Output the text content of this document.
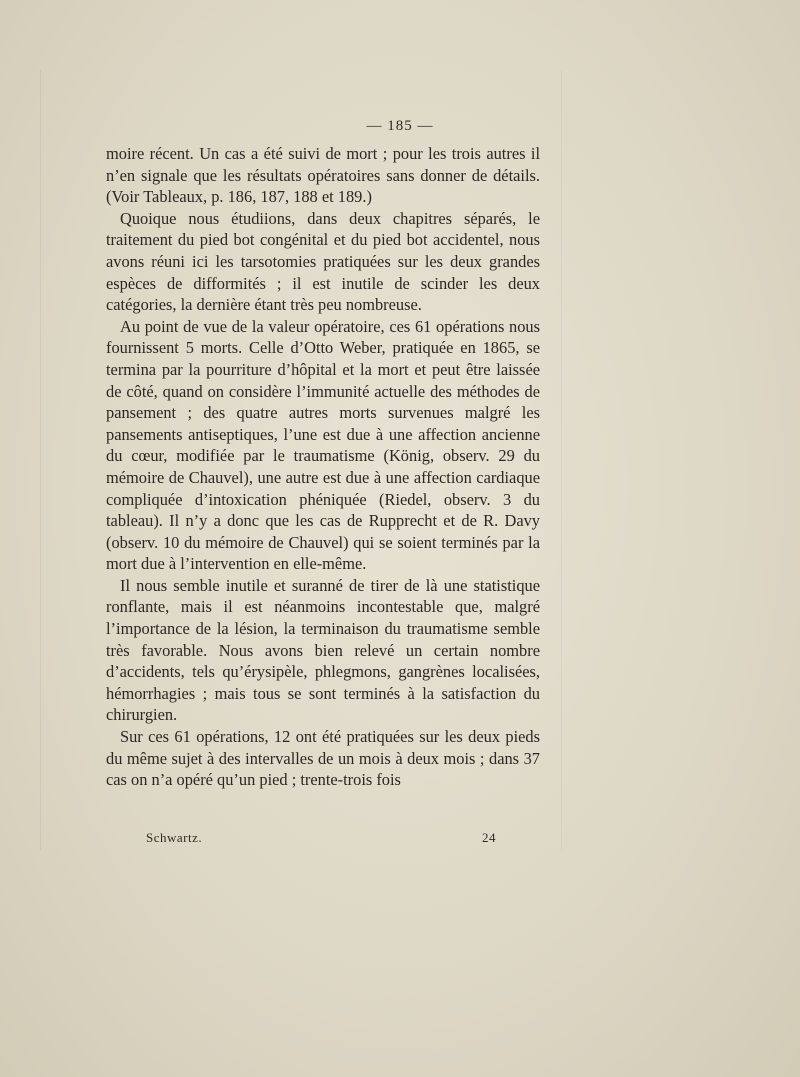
— 185 —

moire récent. Un cas a été suivi de mort ; pour les trois autres il n’en signale que les résultats opératoires sans donner de détails. (Voir Tableaux, p. 186, 187, 188 et 189.)

Quoique nous étudiions, dans deux chapitres séparés, le traitement du pied bot congénital et du pied bot accidentel, nous avons réuni ici les tarsotomies pratiquées sur les deux grandes espèces de difformités ; il est inutile de scinder les deux catégories, la dernière étant très peu nombreuse.

Au point de vue de la valeur opératoire, ces 61 opérations nous fournissent 5 morts. Celle d’Otto Weber, pratiquée en 1865, se termina par la pourriture d’hôpital et la mort et peut être laissée de côté, quand on considère l’immunité actuelle des méthodes de pansement ; des quatre autres morts survenues malgré les pansements antiseptiques, l’une est due à une affection ancienne du cœur, modifiée par le traumatisme (König, observ. 29 du mémoire de Chauvel), une autre est due à une affection cardiaque compliquée d’intoxication phéniquée (Riedel, observ. 3 du tableau). Il n’y a donc que les cas de Rupprecht et de R. Davy (observ. 10 du mémoire de Chauvel) qui se soient terminés par la mort due à l’intervention en elle-même.

Il nous semble inutile et suranné de tirer de là une statistique ronflante, mais il est néanmoins incontestable que, malgré l’importance de la lésion, la terminaison du traumatisme semble très favorable. Nous avons bien relevé un certain nombre d’accidents, tels qu’érysipèle, phlegmons, gangrènes localisées, hémorrhagies ; mais tous se sont terminés à la satisfaction du chirurgien.

Sur ces 61 opérations, 12 ont été pratiquées sur les deux pieds du même sujet à des intervalles de un mois à deux mois ; dans 37 cas on n’a opéré qu’un pied ; trente-trois fois

Schwartz.	24
